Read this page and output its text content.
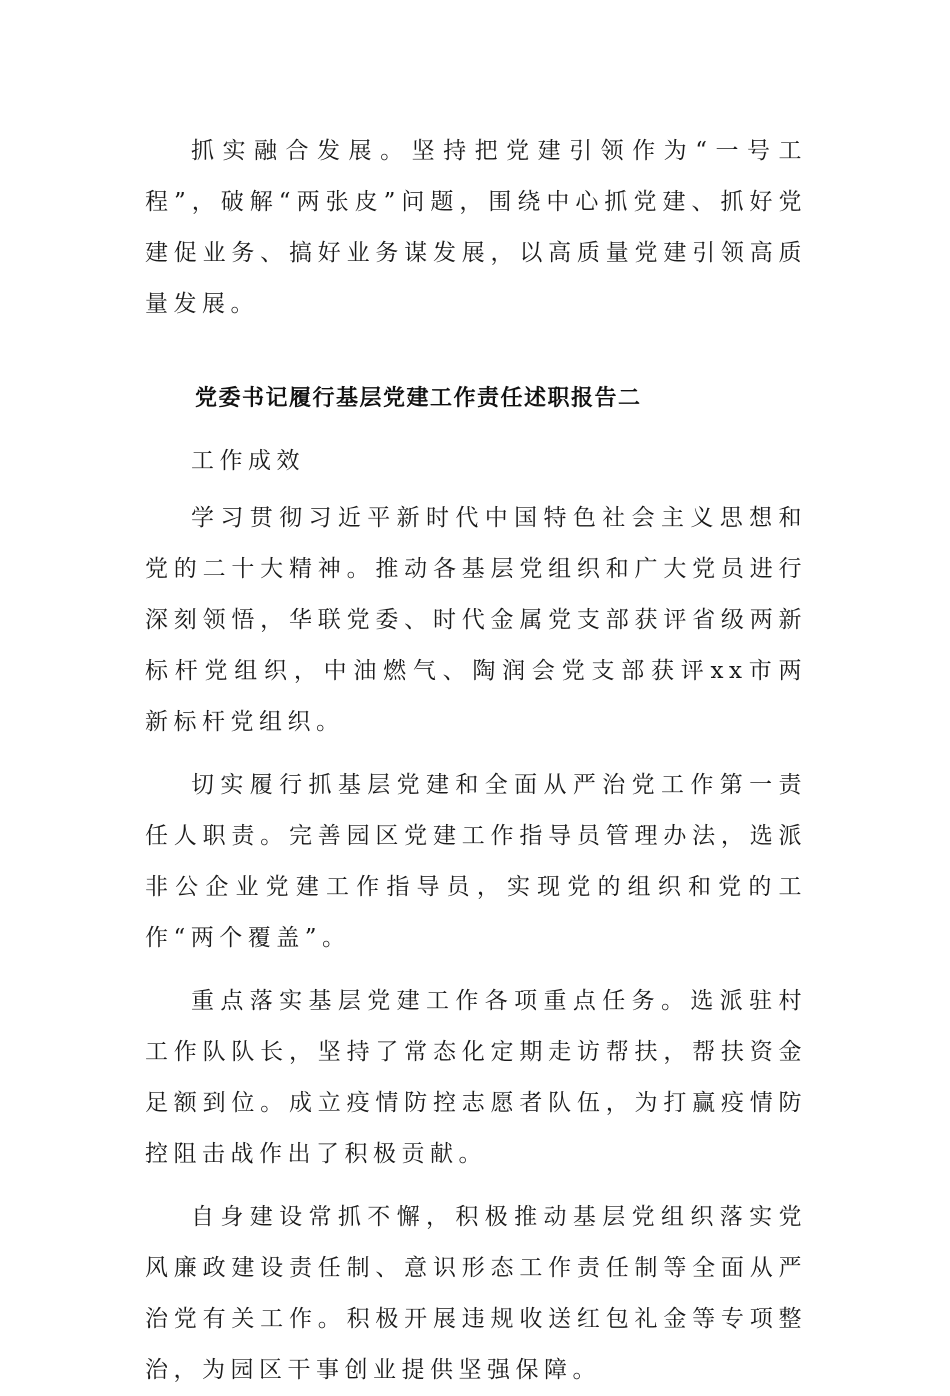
抓实融合发展。坚持把党建引领作为“一号工程”，破解“两张皮”问题，围绕中心抓党建、抓好党建促业务、搞好业务谋发展，以高质量党建引领高质量发展。

党委书记履行基层党建工作责任述职报告二

工作成效

学习贯彻习近平新时代中国特色社会主义思想和党的二十大精神。推动各基层党组织和广大党员进行深刻领悟，华联党委、时代金属党支部获评省级两新标杆党组织，中油燃气、陶润会党支部获评xx市两新标杆党组织。

切实履行抓基层党建和全面从严治党工作第一责任人职责。完善园区党建工作指导员管理办法，选派非公企业党建工作指导员，实现党的组织和党的工作“两个覆盖”。

重点落实基层党建工作各项重点任务。选派驻村工作队队长，坚持了常态化定期走访帮扶，帮扶资金足额到位。成立疫情防控志愿者队伍，为打赢疫情防控阻击战作出了积极贡献。

自身建设常抓不懈，积极推动基层党组织落实党风廉政建设责任制、意识形态工作责任制等全面从严治党有关工作。积极开展违规收送红包礼金等专项整治，为园区干事创业提供坚强保障。
